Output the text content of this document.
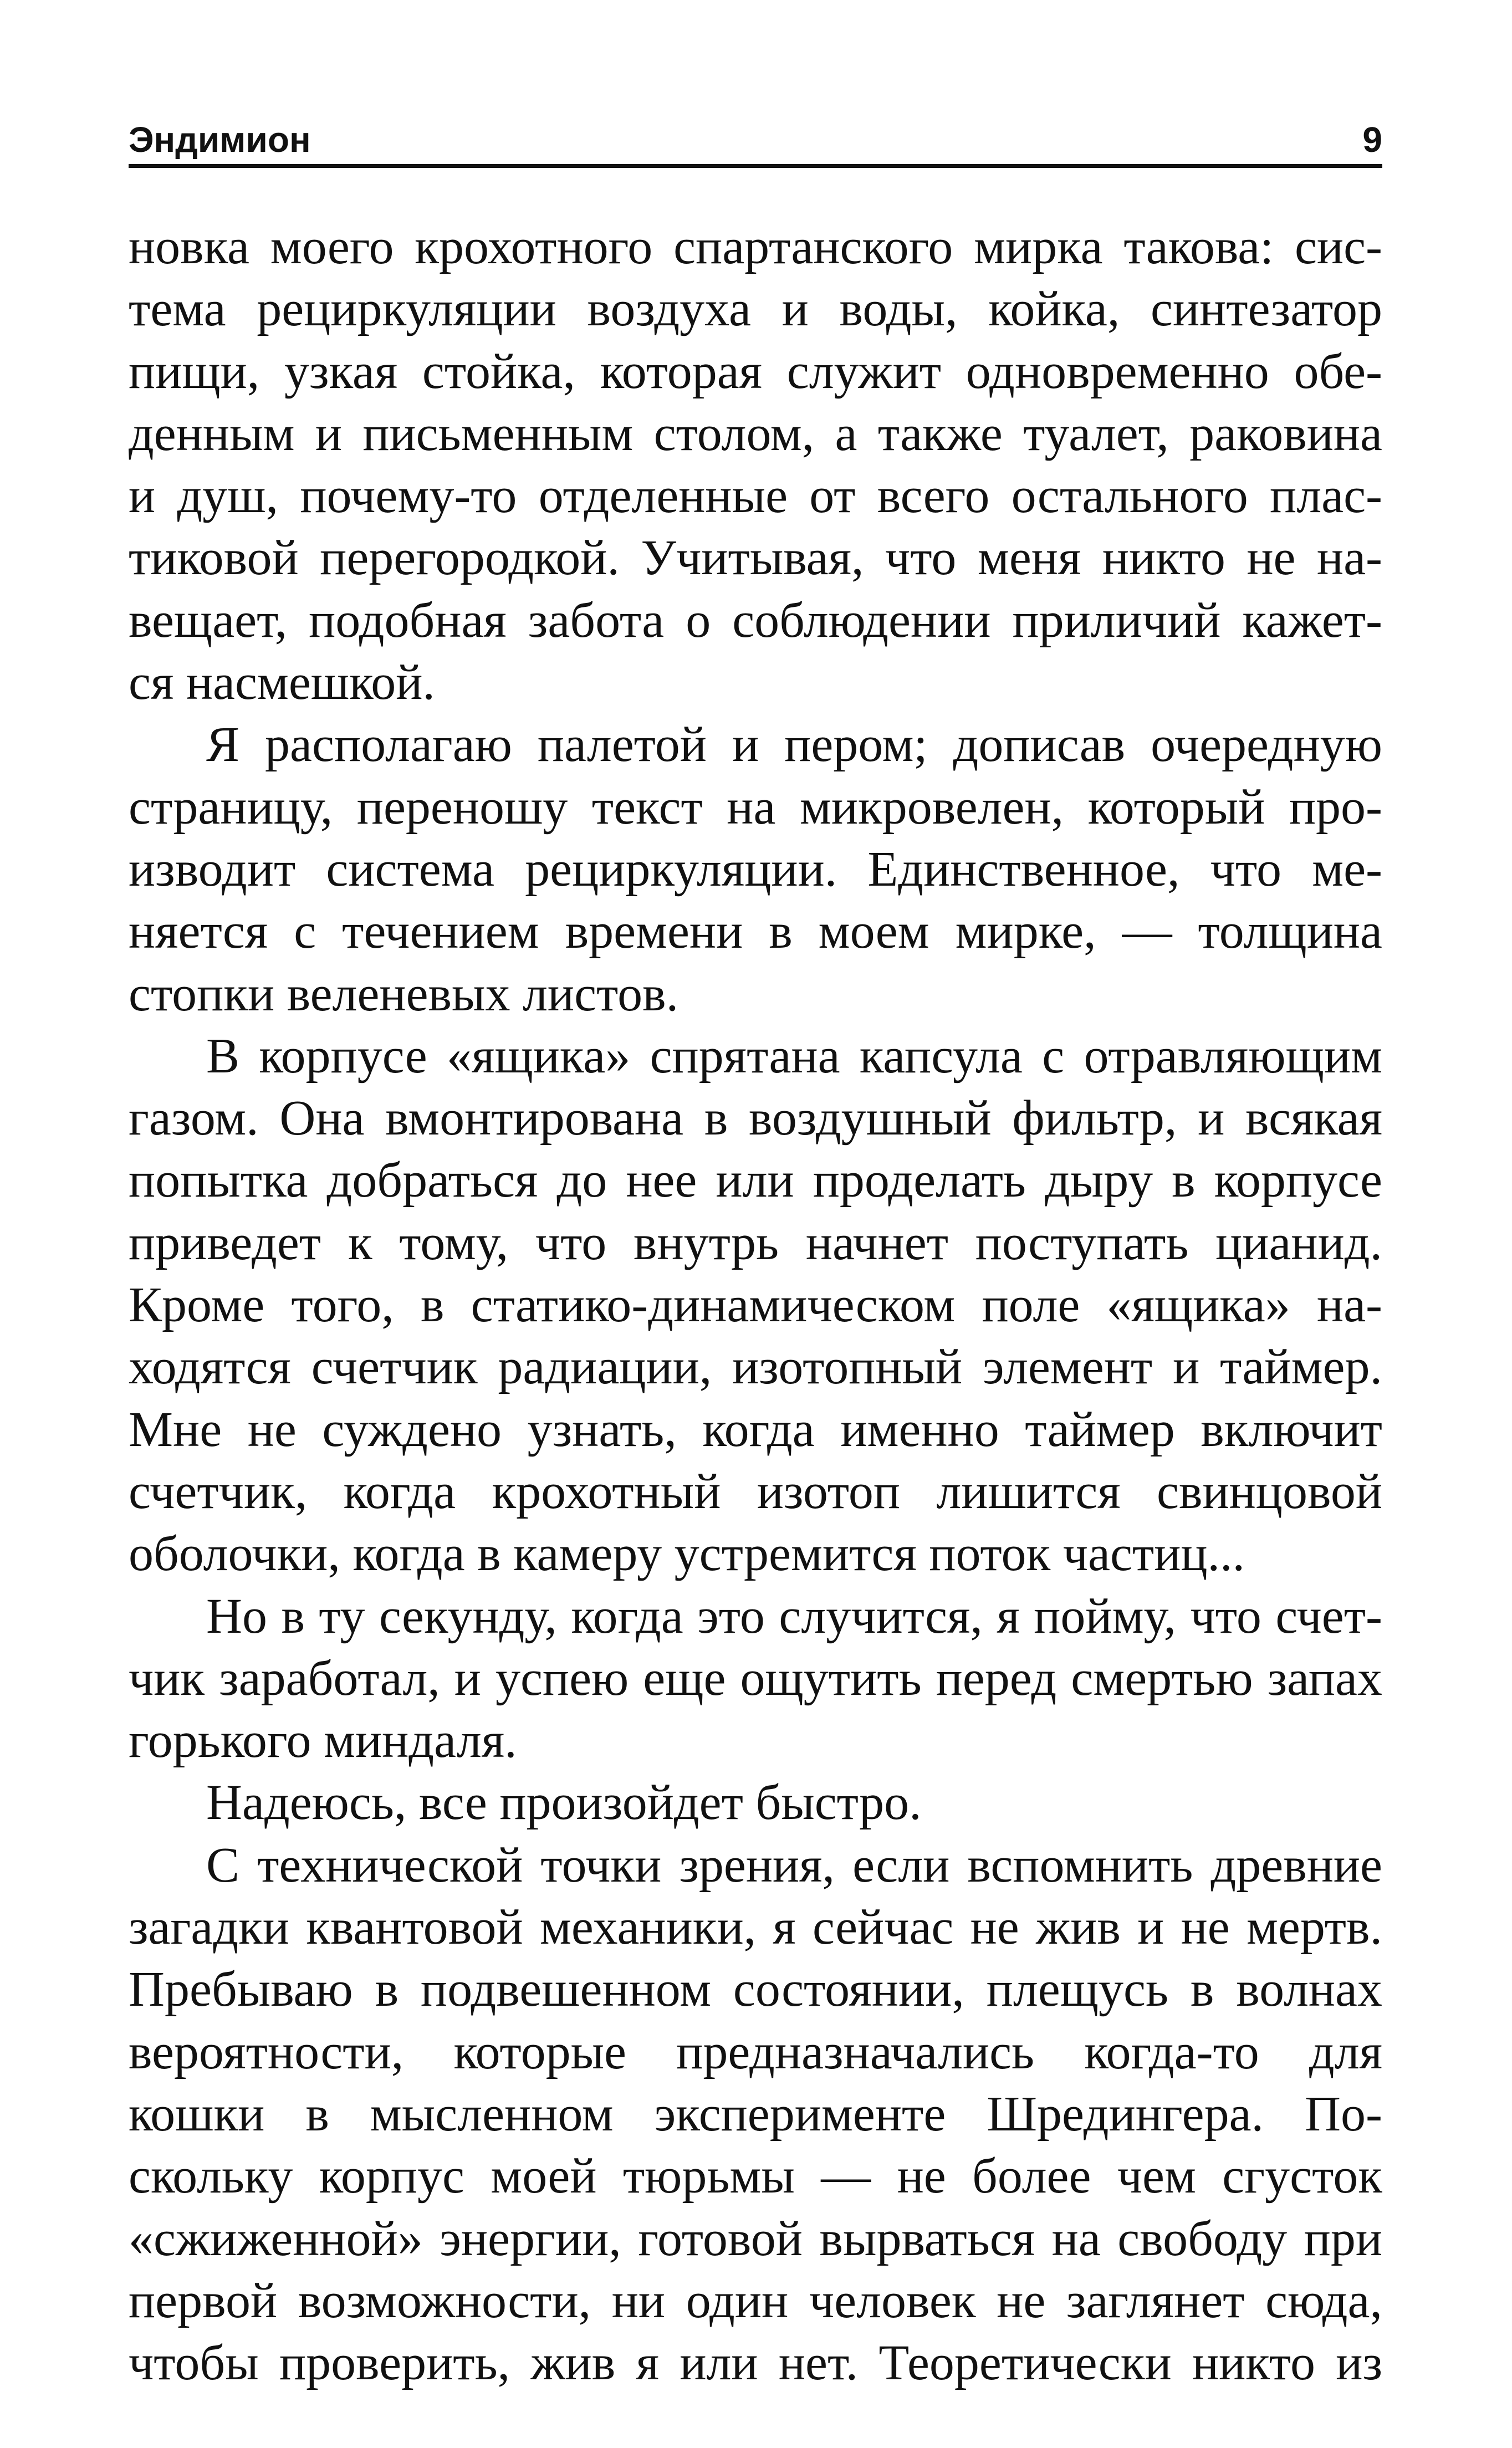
Эндимион	9
новка моего крохотного спартанского мирка такова: сис-
тема рециркуляции воздуха и воды, койка, синтезатор
пищи, узкая стойка, которая служит одновременно обе-
денным и письменным столом, а также туалет, раковина
и душ, почему-то отделенные от всего остального плас-
тиковой перегородкой. Учитывая, что меня никто не на-
вещает, подобная забота о соблюдении приличий кажет-
ся насмешкой.
Я располагаю палетой и пером; дописав очередную
страницу, переношу текст на микровелен, который про-
изводит система рециркуляции. Единственное, что ме-
няется с течением времени в моем мирке, — толщина
стопки веленевых листов.
В корпусе «ящика» спрятана капсула с отравляющим
газом. Она вмонтирована в воздушный фильтр, и всякая
попытка добраться до нее или проделать дыру в корпусе
приведет к тому, что внутрь начнет поступать цианид.
Кроме того, в статико-динамическом поле «ящика» на-
ходятся счетчик радиации, изотопный элемент и таймер.
Мне не суждено узнать, когда именно таймер включит
счетчик, когда крохотный изотоп лишится свинцовой
оболочки, когда в камеру устремится поток частиц...
Но в ту секунду, когда это случится, я пойму, что счет-
чик заработал, и успею еще ощутить перед смертью запах
горького миндаля.
Надеюсь, все произойдет быстро.
С технической точки зрения, если вспомнить древние
загадки квантовой механики, я сейчас не жив и не мертв.
Пребываю в подвешенном состоянии, плещусь в волнах
вероятности, которые предназначались когда-то для
кошки в мысленном эксперименте Шредингера. По-
скольку корпус моей тюрьмы — не более чем сгусток
«сжиженной» энергии, готовой вырваться на свободу при
первой возможности, ни один человек не заглянет сюда,
чтобы проверить, жив я или нет. Теоретически никто из
